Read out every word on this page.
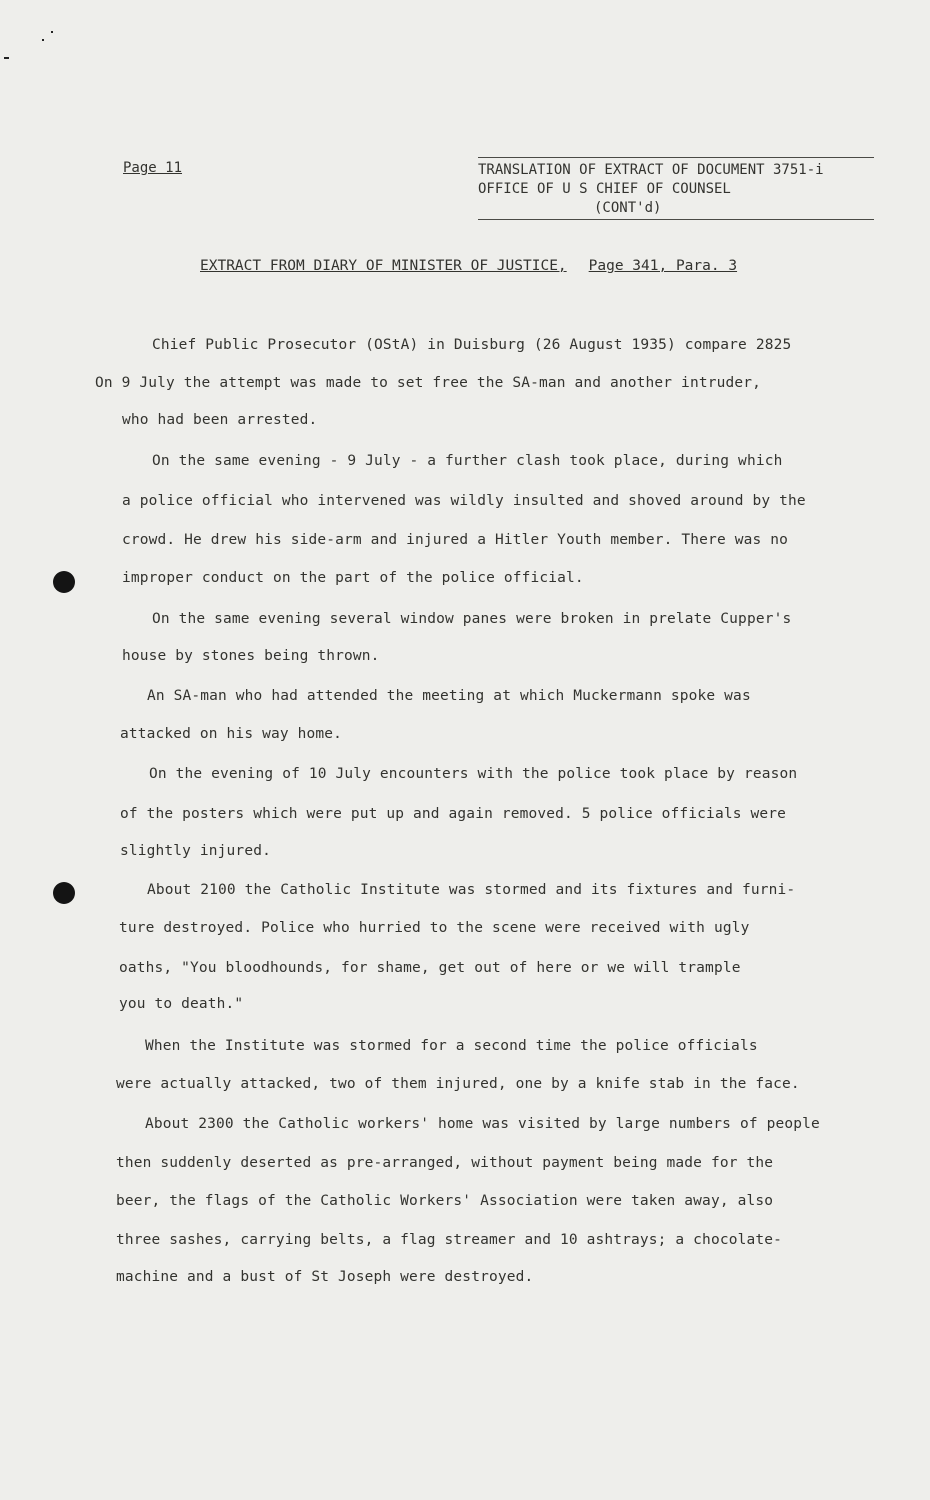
Page 11	TRANSLATION OF EXTRACT OF DOCUMENT 3751-i
OFFICE OF U S CHIEF OF COUNSEL
(CONT'd)
EXTRACT FROM DIARY OF MINISTER OF JUSTICE, Page 341, Para. 3
Chief Public Prosecutor (OStA) in Duisburg (26 August 1935) compare 2825
On 9 July the attempt was made to set free the SA-man and another intruder,
who had been arrested.
On the same evening - 9 July - a further clash took place, during which
a police official who intervened was wildly insulted and shoved around by the
crowd. He drew his side-arm and injured a Hitler Youth member. There was no
improper conduct on the part of the police official.
On the same evening several window panes were broken in prelate Cupper's
house by stones being thrown.
An SA-man who had attended the meeting at which Muckermann spoke was
attacked on his way home.
On the evening of 10 July encounters with the police took place by reason
of the posters which were put up and again removed. 5 police officials were
slightly injured.
About 2100 the Catholic Institute was stormed and its fixtures and furni-
ture destroyed. Police who hurried to the scene were received with ugly
oaths, "You bloodhounds, for shame, get out of here or we will trample
you to death."
When the Institute was stormed for a second time the police officials
were actually attacked, two of them injured, one by a knife stab in the face.
About 2300 the Catholic workers' home was visited by large numbers of people
then suddenly deserted as pre-arranged, without payment being made for the
beer, the flags of the Catholic Workers' Association were taken away, also
three sashes, carrying belts, a flag streamer and 10 ashtrays; a chocolate-
machine and a bust of St Joseph were destroyed.
